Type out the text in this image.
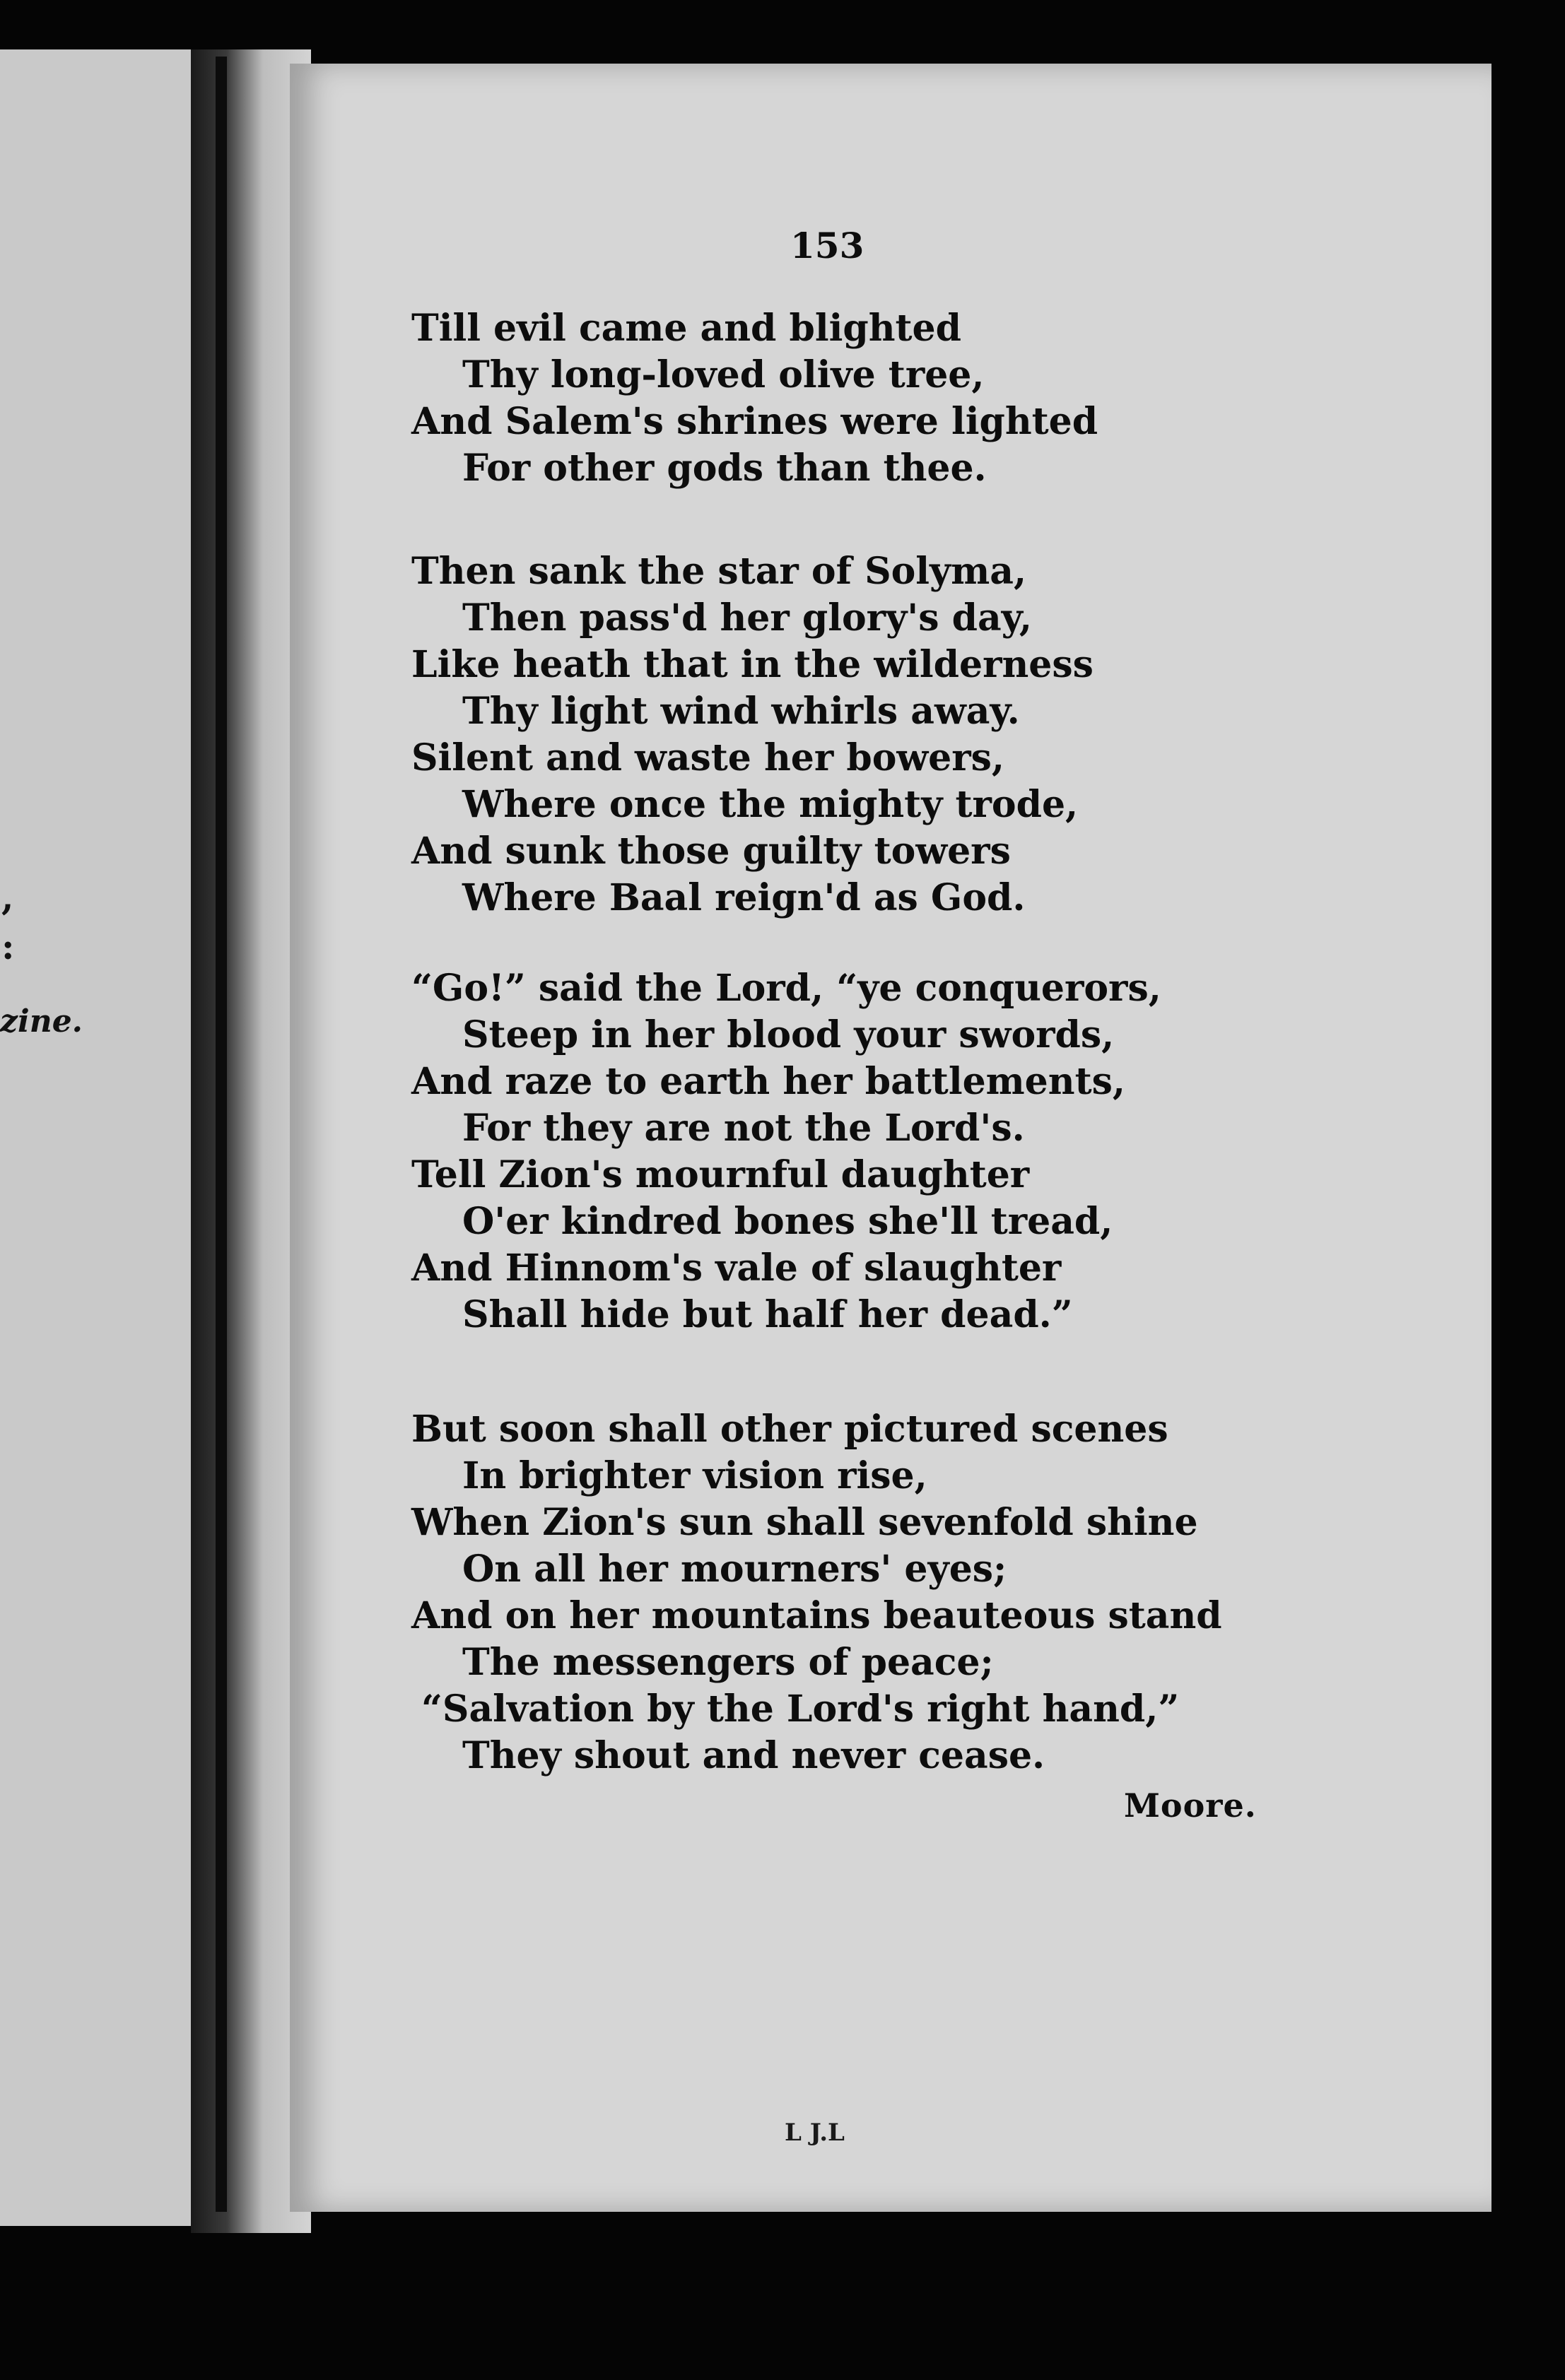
,
:
zine.
153
Till evil came and blighted
Thy long-loved olive tree,
And Salem's shrines were lighted
For other gods than thee.
Then sank the star of Solyma,
Then pass'd her glory's day,
Like heath that in the wilderness
Thy light wind whirls away.
Silent and waste her bowers,
Where once the mighty trode,
And sunk those guilty towers
Where Baal reign'd as God.
“Go!” said the Lord, “ye conquerors,
Steep in her blood your swords,
And raze to earth her battlements,
For they are not the Lord's.
Tell Zion's mournful daughter
O'er kindred bones she'll tread,
And Hinnom's vale of slaughter
Shall hide but half her dead.”
But soon shall other pictured scenes
In brighter vision rise,
When Zion's sun shall sevenfold shine
On all her mourners' eyes;
And on her mountains beauteous stand
The messengers of peace;
“Salvation by the Lord's right hand,”
They shout and never cease.
Moore.
L J.L
